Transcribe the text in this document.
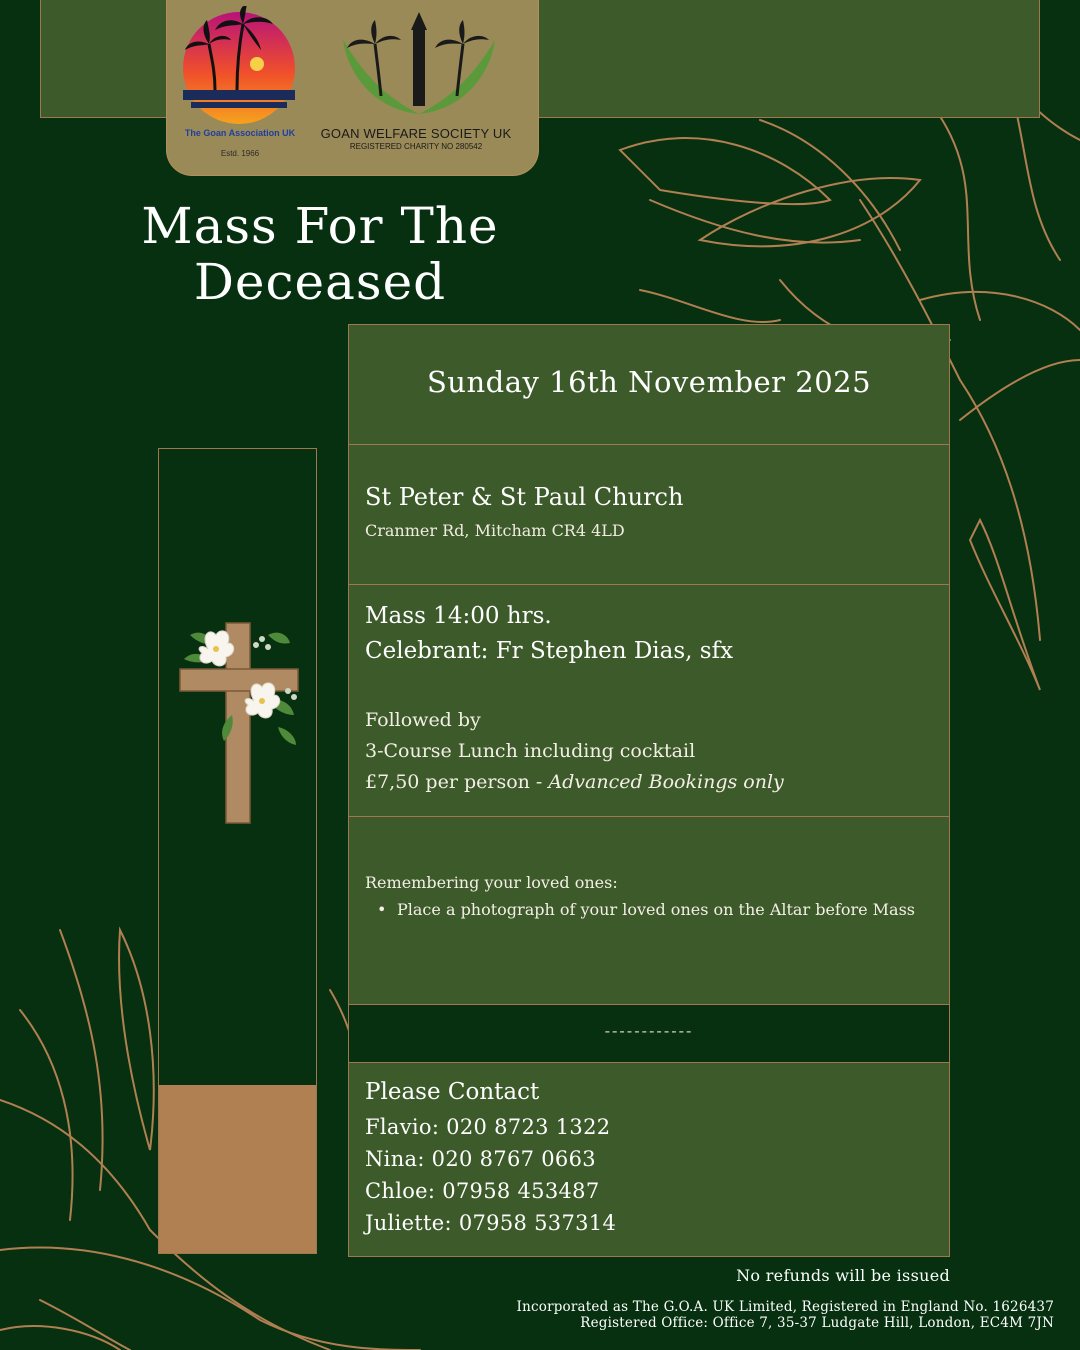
The Goan Association UK
Estd. 1966
GOAN WELFARE SOCIETY UK
REGISTERED CHARITY NO 280542
Mass For The
Deceased
Sunday 16th November 2025
St Peter & St Paul Church
Cranmer Rd, Mitcham CR4 4LD
Mass 14:00 hrs.
Celebrant: Fr Stephen Dias, sfx
Followed by
3-Course Lunch including cocktail
£7,50 per person - Advanced Bookings only
Remembering your loved ones:
• Place a photograph of your loved ones on the Altar before Mass
------------
Please Contact
Flavio: 020 8723 1322
Nina: 020 8767 0663
Chloe: 07958 453487
Juliette: 07958 537314
No refunds will be issued
Incorporated as The G.O.A. UK Limited, Registered in England No. 1626437
Registered Office: Office 7, 35-37 Ludgate Hill, London, EC4M 7JN
